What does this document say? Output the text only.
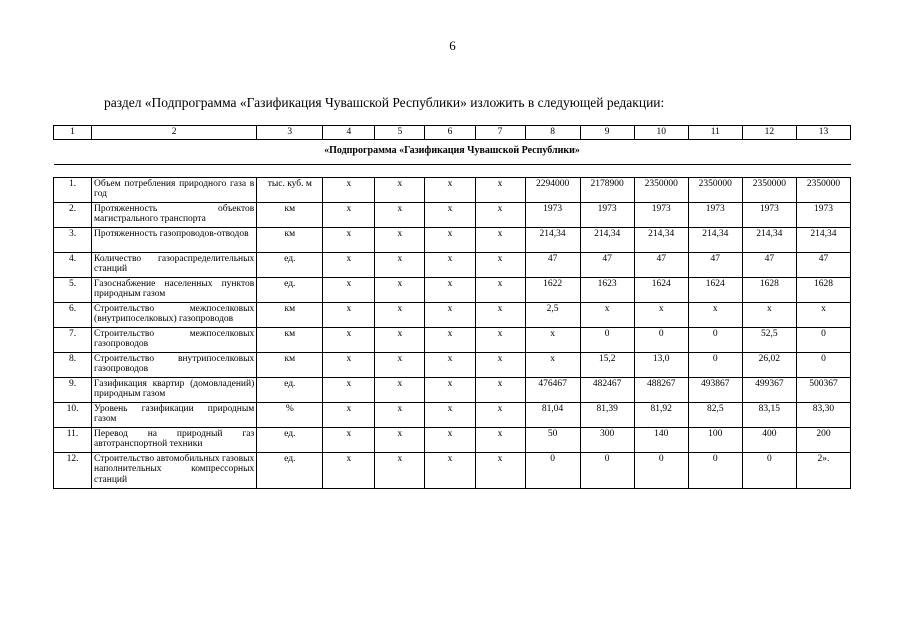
6
раздел «Подпрограмма «Газификация Чувашской Республики» изложить в следующей редакции:
1	2	3	4	5	6	7	8	9	10	11	12	13
«Подпрограмма «Газификация Чувашской Республики»												

1.	Объем потребления природного газа в год	тыс. куб. м	х	х	х	х	2294000	2178900	2350000	2350000	2350000	2350000
2.	Протяженность объектов магистрального транспорта	км	х	х	х	х	1973	1973	1973	1973	1973	1973
3.	Протяженность газопроводов-отводов	км	х	х	х	х	214,34	214,34	214,34	214,34	214,34	214,34
4.	Количество газораспределительных станций	ед.	х	х	х	х	47	47	47	47	47	47
5.	Газоснабжение населенных пунктов природным газом	ед.	х	х	х	х	1622	1623	1624	1624	1628	1628
6.	Строительство межпоселковых (внутрипоселковых) газопроводов	км	х	х	х	х	2,5	х	х	х	х	х
7.	Строительство межпоселковых газопроводов	км	х	х	х	х	х	0	0	0	52,5	0
8.	Строительство внутрипоселковых газопроводов	км	х	х	х	х	х	15,2	13,0	0	26,02	0
9.	Газификация квартир (домовладений) природным газом	ед.	х	х	х	х	476467	482467	488267	493867	499367	500367
10.	Уровень газификации природным газом	%	х	х	х	х	81,04	81,39	81,92	82,5	83,15	83,30
11.	Перевод на природный газ автотранспортной техники	ед.	х	х	х	х	50	300	140	100	400	200
12.	Строительство автомобильных газовых наполнительных компрессорных станций	ед.	х	х	х	х	0	0	0	0	0	2».
